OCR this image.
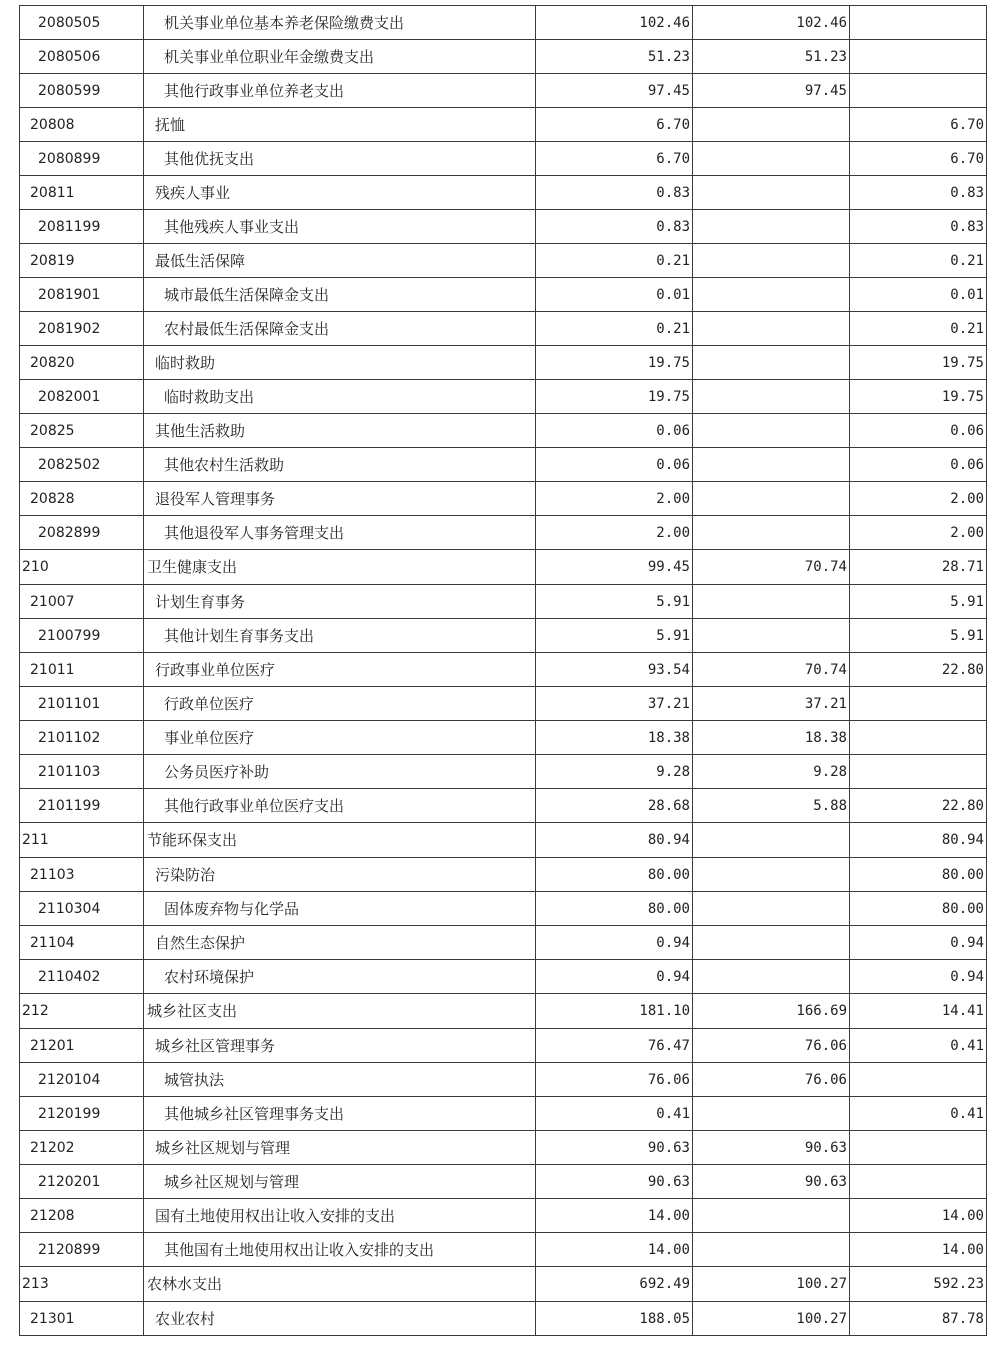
2080505	机关事业单位基本养老保险缴费支出	102.46	102.46	
2080506	机关事业单位职业年金缴费支出	51.23	51.23	
2080599	其他行政事业单位养老支出	97.45	97.45	
20808	抚恤	6.70		6.70
2080899	其他优抚支出	6.70		6.70
20811	残疾人事业	0.83		0.83
2081199	其他残疾人事业支出	0.83		0.83
20819	最低生活保障	0.21		0.21
2081901	城市最低生活保障金支出	0.01		0.01
2081902	农村最低生活保障金支出	0.21		0.21
20820	临时救助	19.75		19.75
2082001	临时救助支出	19.75		19.75
20825	其他生活救助	0.06		0.06
2082502	其他农村生活救助	0.06		0.06
20828	退役军人管理事务	2.00		2.00
2082899	其他退役军人事务管理支出	2.00		2.00
210	卫生健康支出	99.45	70.74	28.71
21007	计划生育事务	5.91		5.91
2100799	其他计划生育事务支出	5.91		5.91
21011	行政事业单位医疗	93.54	70.74	22.80
2101101	行政单位医疗	37.21	37.21	
2101102	事业单位医疗	18.38	18.38	
2101103	公务员医疗补助	9.28	9.28	
2101199	其他行政事业单位医疗支出	28.68	5.88	22.80
211	节能环保支出	80.94		80.94
21103	污染防治	80.00		80.00
2110304	固体废弃物与化学品	80.00		80.00
21104	自然生态保护	0.94		0.94
2110402	农村环境保护	0.94		0.94
212	城乡社区支出	181.10	166.69	14.41
21201	城乡社区管理事务	76.47	76.06	0.41
2120104	城管执法	76.06	76.06	
2120199	其他城乡社区管理事务支出	0.41		0.41
21202	城乡社区规划与管理	90.63	90.63	
2120201	城乡社区规划与管理	90.63	90.63	
21208	国有土地使用权出让收入安排的支出	14.00		14.00
2120899	其他国有土地使用权出让收入安排的支出	14.00		14.00
213	农林水支出	692.49	100.27	592.23
21301	农业农村	188.05	100.27	87.78
